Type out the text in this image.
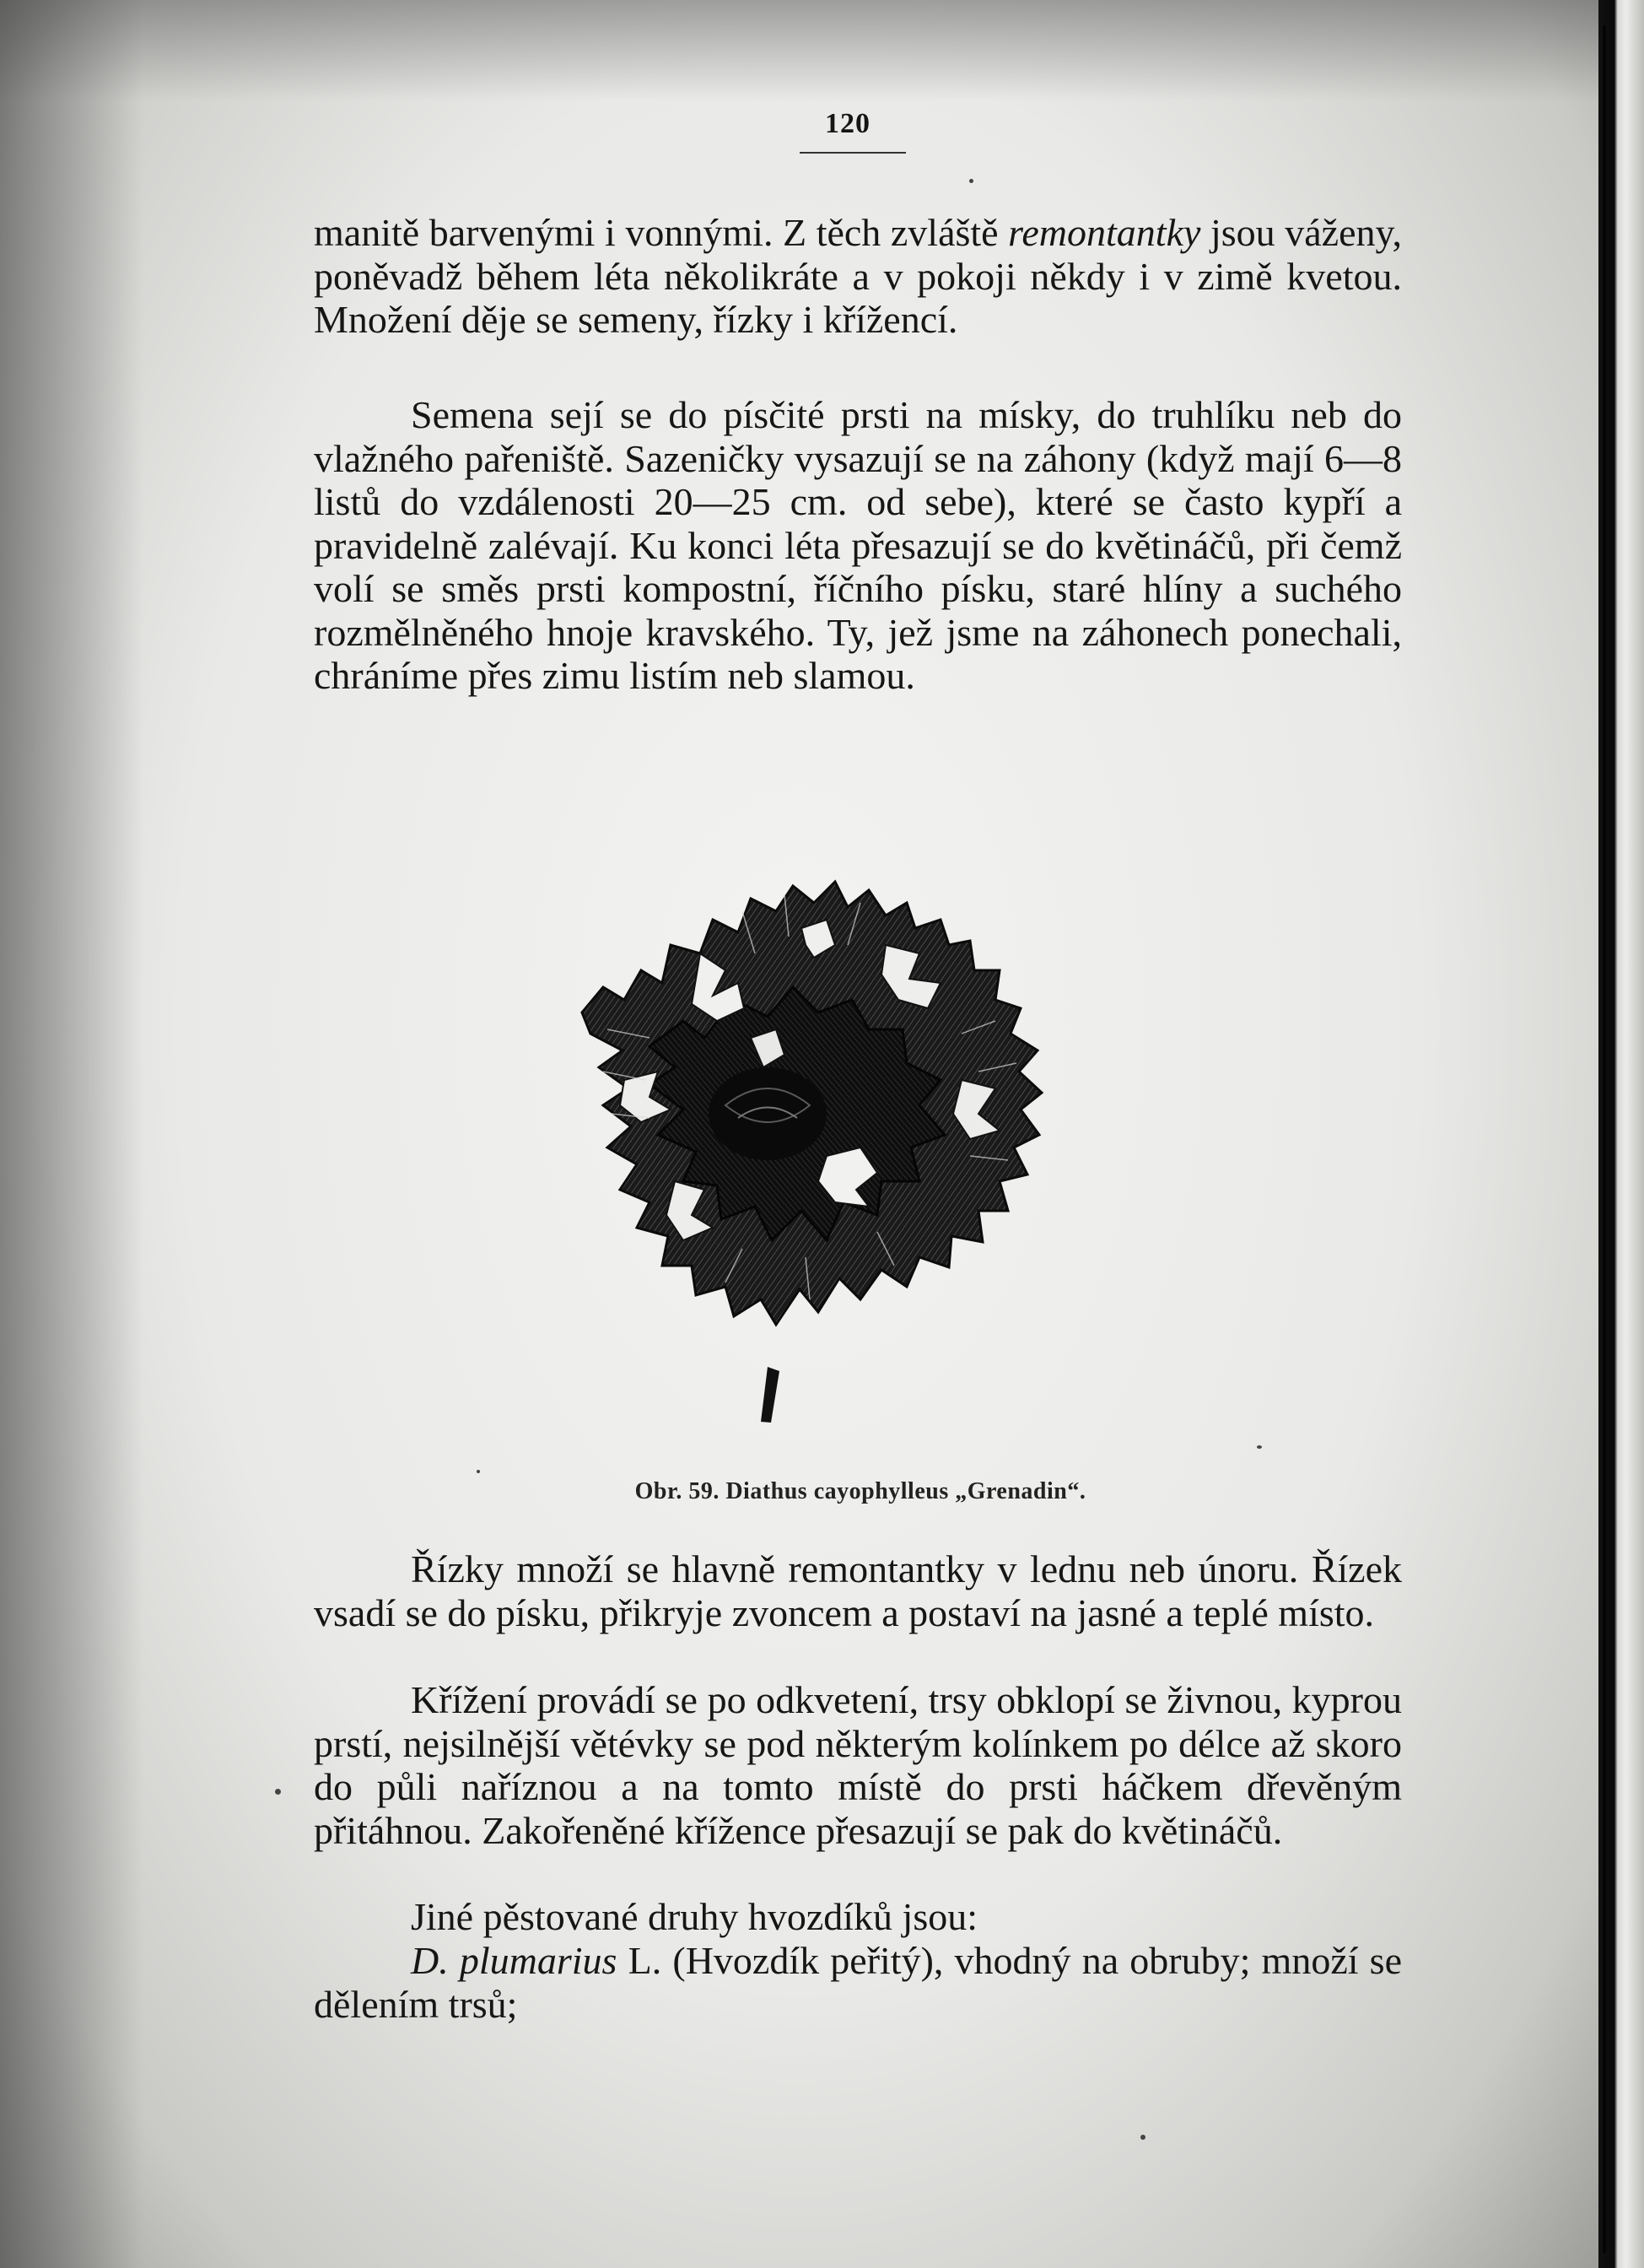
120

manitě barvenými i vonnými. Z těch zvláště remontantky jsou váženy, poněvadž během léta několikráte a v pokoji někdy i v zimě kvetou. Množení děje se semeny, řízky i křížencí.

Semena sejí se do písčité prsti na mísky, do truhlíku neb do vlažného pařeniště. Sazeničky vysazují se na záhony (když mají 6—8 listů do vzdálenosti 20—25 cm. od sebe), které se často kypří a pravidelně zalévají. Ku konci léta přesazují se do květináčů, při čemž volí se směs prsti kompostní, říčního písku, staré hlíny a suchého rozmělněného hnoje kravského. Ty, jež jsme na záhonech ponechali, chráníme přes zimu listím neb slamou.

Obr. 59. Diathus cayophylleus „Grenadin“.

Řízky množí se hlavně remontantky v lednu neb únoru. Řízek vsadí se do písku, přikryje zvoncem a postaví na jasné a teplé místo.

Křížení provádí se po odkvetení, trsy obklopí se živnou, kyprou prstí, nejsilnější větévky se pod některým kolínkem po délce až skoro do půli naříznou a na tomto místě do prsti háčkem dřevěným přitáhnou. Zakořeněné křížence přesazují se pak do květináčů.

Jiné pěstované druhy hvozdíků jsou:

D. plumarius L. (Hvozdík peřitý), vhodný na obruby; množí se dělením trsů;
